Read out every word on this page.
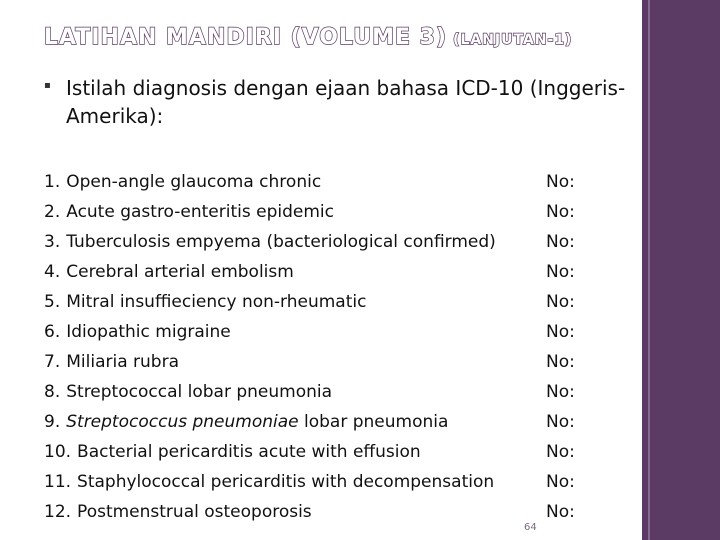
LATIHAN MANDIRI (VOLUME 3) (LANJUTAN-1)
▪ Istilah diagnosis dengan ejaan bahasa ICD-10 (Inggeris-Amerika):
1. Open-angle glaucoma chronic	No:
2. Acute gastro-enteritis epidemic	No:
3. Tuberculosis empyema (bacteriological confirmed)	No:
4. Cerebral arterial embolism	No:
5. Mitral insuffieciency non-rheumatic	No:
6. Idiopathic migraine	No:
7. Miliaria rubra	No:
8. Streptococcal lobar pneumonia	No:
9. Streptococcus pneumoniae lobar pneumonia	No:
10. Bacterial pericarditis acute with effusion	No:
11. Staphylococcal pericarditis with decompensation	No:
12. Postmenstrual osteoporosis	No:
64
